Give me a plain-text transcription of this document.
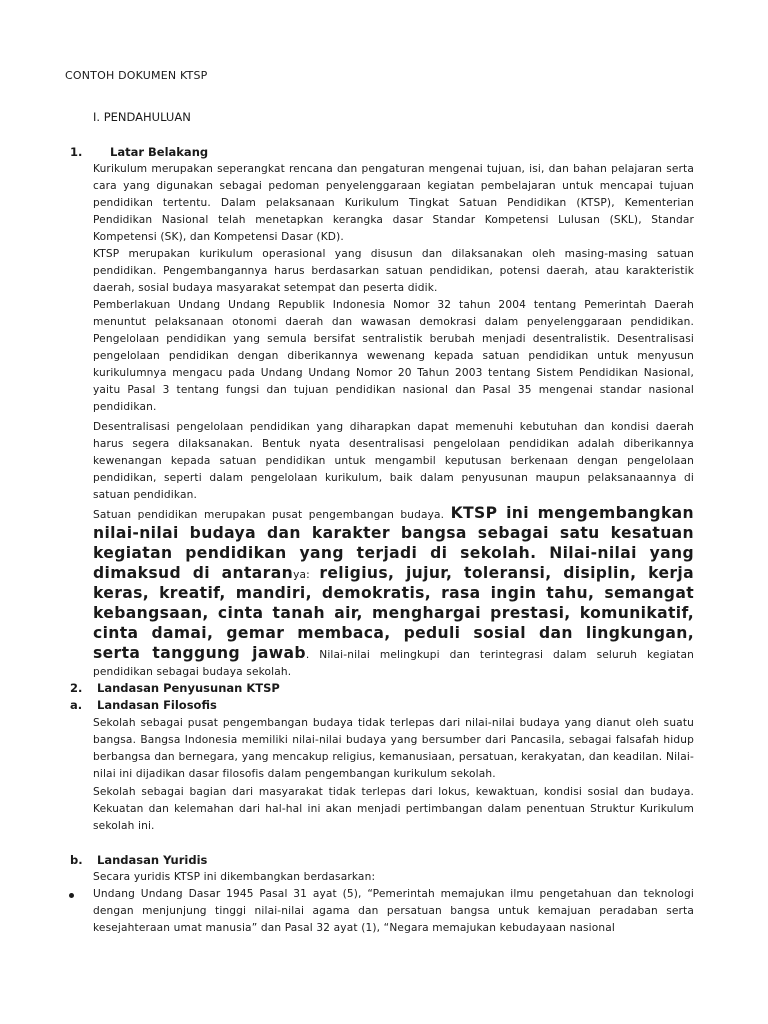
CONTOH DOKUMEN KTSP
I. PENDAHULUAN
1. Latar Belakang
Kurikulum merupakan seperangkat rencana dan pengaturan mengenai tujuan, isi, dan bahan pelajaran serta cara yang digunakan sebagai pedoman penyelenggaraan kegiatan pembelajaran untuk mencapai tujuan pendidikan tertentu. Dalam pelaksanaan Kurikulum Tingkat Satuan Pendidikan (KTSP), Kementerian Pendidikan Nasional telah menetapkan kerangka dasar Standar Kompetensi Lulusan (SKL), Standar Kompetensi (SK), dan Kompetensi Dasar (KD).
KTSP merupakan kurikulum operasional yang disusun dan dilaksanakan oleh masing-masing satuan pendidikan. Pengembangannya harus berdasarkan satuan pendidikan, potensi daerah, atau karakteristik daerah, sosial budaya masyarakat setempat dan peserta didik.
Pemberlakuan Undang Undang Republik Indonesia Nomor 32 tahun 2004 tentang Pemerintah Daerah menuntut pelaksanaan otonomi daerah dan wawasan demokrasi dalam penyelenggaraan pendidikan. Pengelolaan pendidikan yang semula bersifat sentralistik berubah menjadi desentralistik. Desentralisasi pengelolaan pendidikan dengan diberikannya wewenang kepada satuan pendidikan untuk menyusun kurikulumnya mengacu pada Undang Undang Nomor 20 Tahun 2003 tentang Sistem Pendidikan Nasional, yaitu Pasal 3 tentang fungsi dan tujuan pendidikan nasional dan Pasal 35 mengenai standar nasional pendidikan.
Desentralisasi pengelolaan pendidikan yang diharapkan dapat memenuhi kebutuhan dan kondisi daerah harus segera dilaksanakan. Bentuk nyata desentralisasi pengelolaan pendidikan adalah diberikannya kewenangan kepada satuan pendidikan untuk mengambil keputusan berkenaan dengan pengelolaan pendidikan, seperti dalam pengelolaan kurikulum, baik dalam penyusunan maupun pelaksanaannya di satuan pendidikan.
Satuan pendidikan merupakan pusat pengembangan budaya. KTSP ini mengembangkan nilai-nilai budaya dan karakter bangsa sebagai satu kesatuan kegiatan pendidikan yang terjadi di sekolah. Nilai-nilai yang dimaksud di antaranya: religius, jujur, toleransi, disiplin, kerja keras, kreatif, mandiri, demokratis, rasa ingin tahu, semangat kebangsaan, cinta tanah air, menghargai prestasi, komunikatif, cinta damai, gemar membaca, peduli sosial dan lingkungan, serta tanggung jawab. Nilai-nilai melingkupi dan terintegrasi dalam seluruh kegiatan pendidikan sebagai budaya sekolah.
2. Landasan Penyusunan KTSP
a. Landasan Filosofis
Sekolah sebagai pusat pengembangan budaya tidak terlepas dari nilai-nilai budaya yang dianut oleh suatu bangsa. Bangsa Indonesia memiliki nilai-nilai budaya yang bersumber dari Pancasila, sebagai falsafah hidup berbangsa dan bernegara, yang mencakup religius, kemanusiaan, persatuan, kerakyatan, dan keadilan. Nilai-nilai ini dijadikan dasar filosofis dalam pengembangan kurikulum sekolah.
Sekolah sebagai bagian dari masyarakat tidak terlepas dari lokus, kewaktuan, kondisi sosial dan budaya. Kekuatan dan kelemahan dari hal-hal ini akan menjadi pertimbangan dalam penentuan Struktur Kurikulum sekolah ini.
b. Landasan Yuridis
Secara yuridis KTSP ini dikembangkan berdasarkan:
Undang Undang Dasar 1945 Pasal 31 ayat (5), “Pemerintah memajukan ilmu pengetahuan dan teknologi dengan menjunjung tinggi nilai-nilai agama dan persatuan bangsa untuk kemajuan peradaban serta kesejahteraan umat manusia” dan Pasal 32 ayat (1), “Negara memajukan kebudayaan nasional
